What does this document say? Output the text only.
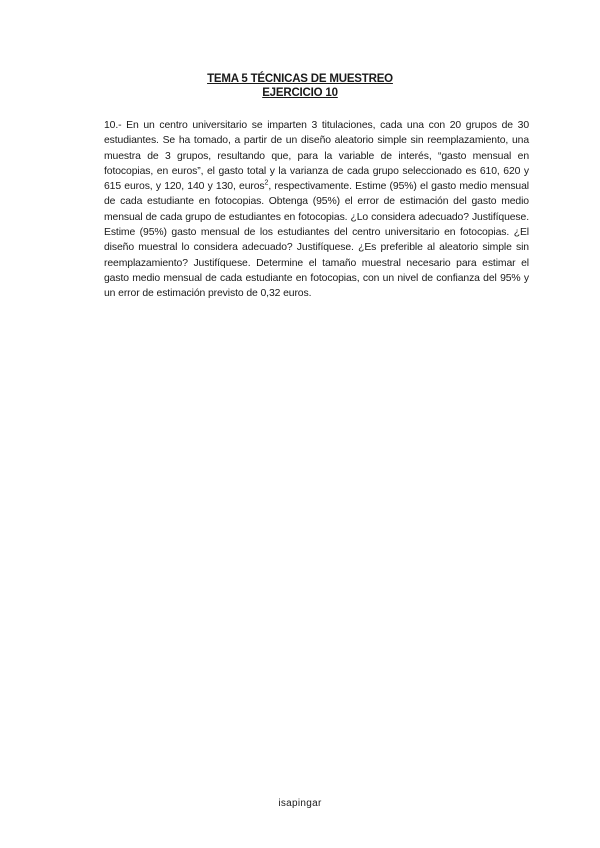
TEMA 5 TÉCNICAS DE MUESTREO
EJERCICIO 10
10.- En un centro universitario se imparten 3 titulaciones, cada una con 20 grupos de 30 estudiantes. Se ha tomado, a partir de un diseño aleatorio simple sin reemplazamiento, una muestra de 3 grupos, resultando que, para la variable de interés, “gasto mensual en fotocopias, en euros”, el gasto total y la varianza de cada grupo seleccionado es 610, 620 y 615 euros, y 120, 140 y 130, euros$^2$, respectivamente. Estime (95%) el gasto medio mensual de cada estudiante en fotocopias. Obtenga (95%) el error de estimación del gasto medio mensual de cada grupo de estudiantes en fotocopias. ¿Lo considera adecuado? Justifíquese. Estime (95%) gasto mensual de los estudiantes del centro universitario en fotocopias. ¿El diseño muestral lo considera adecuado? Justifíquese. ¿Es preferible al aleatorio simple sin reemplazamiento? Justifíquese. Determine el tamaño muestral necesario para estimar el gasto medio mensual de cada estudiante en fotocopias, con un nivel de confianza del 95% y un error de estimación previsto de 0,32 euros.
isapingar
